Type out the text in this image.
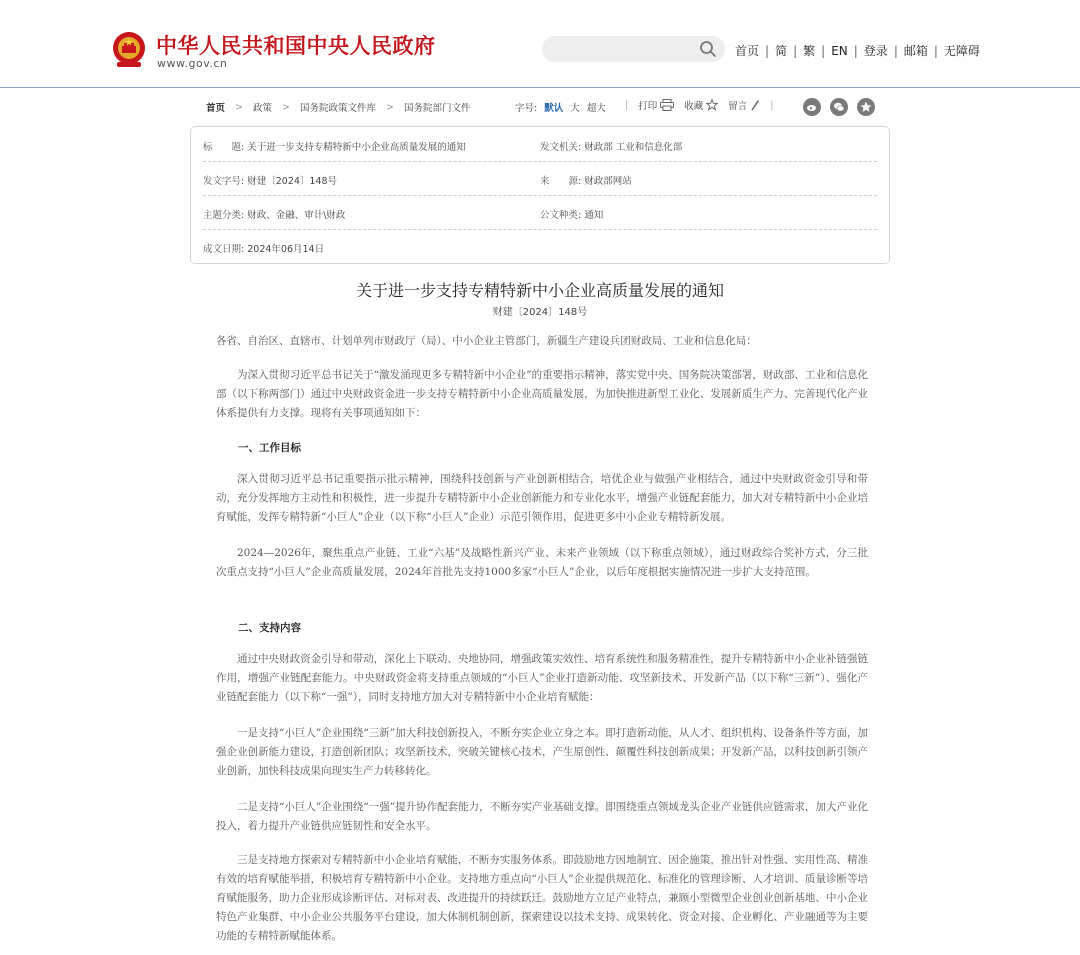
中华人民共和国中央人民政府
www.gov.cn
首页 | 简 | 繁 | EN | 登录 | 邮箱 | 无障碍
首页 > 政策 > 国务院政策文件库 > 国务院部门文件	字号: 默认 大 超大 | 打印	收藏	留言 |
标　　题: 关于进一步支持专精特新中小企业高质量发展的通知	发文机关: 财政部 工业和信息化部
发文字号: 财建〔2024〕148号	来　　源: 财政部网站
主题分类: 财政、金融、审计\财政	公文种类: 通知
成文日期: 2024年06月14日
关于进一步支持专精特新中小企业高质量发展的通知
财建〔2024〕148号

各省、自治区、直辖市、计划单列市财政厅（局）、中小企业主管部门，新疆生产建设兵团财政局、工业和信息化局：

为深入贯彻习近平总书记关于“激发涌现更多专精特新中小企业”的重要指示精神，落实党中央、国务院决策部署，财政部、工业和信息化部（以下称两部门）通过中央财政资金进一步支持专精特新中小企业高质量发展，为加快推进新型工业化、发展新质生产力、完善现代化产业体系提供有力支撑。现将有关事项通知如下：

一、工作目标

深入贯彻习近平总书记重要指示批示精神，围绕科技创新与产业创新相结合，培优企业与做强产业相结合，通过中央财政资金引导和带动，充分发挥地方主动性和积极性，进一步提升专精特新中小企业创新能力和专业化水平，增强产业链配套能力，加大对专精特新中小企业培育赋能，发挥专精特新“小巨人”企业（以下称“小巨人”企业）示范引领作用，促进更多中小企业专精特新发展。

2024—2026年，聚焦重点产业链、工业“六基”及战略性新兴产业、未来产业领域（以下称重点领域），通过财政综合奖补方式，分三批次重点支持“小巨人”企业高质量发展，2024年首批先支持1000多家“小巨人”企业，以后年度根据实施情况进一步扩大支持范围。

二、支持内容

通过中央财政资金引导和带动，深化上下联动、央地协同，增强政策实效性、培育系统性和服务精准性，提升专精特新中小企业补链强链作用，增强产业链配套能力。中央财政资金将支持重点领域的“小巨人”企业打造新动能、攻坚新技术、开发新产品（以下称“三新”）、强化产业链配套能力（以下称“一强”），同时支持地方加大对专精特新中小企业培育赋能：

一是支持“小巨人”企业围绕“三新”加大科技创新投入，不断夯实企业立身之本。即打造新动能，从人才、组织机构、设备条件等方面，加强企业创新能力建设，打造创新团队；攻坚新技术，突破关键核心技术，产生原创性、颠覆性科技创新成果；开发新产品，以科技创新引领产业创新，加快科技成果向现实生产力转移转化。

二是支持“小巨人”企业围绕“一强”提升协作配套能力，不断夯实产业基础支撑。即围绕重点领域龙头企业产业链供应链需求，加大产业化投入，着力提升产业链供应链韧性和安全水平。

三是支持地方探索对专精特新中小企业培育赋能，不断夯实服务体系。即鼓励地方因地制宜、因企施策，推出针对性强、实用性高、精准有效的培育赋能举措，积极培育专精特新中小企业。支持地方重点向“小巨人”企业提供规范化、标准化的管理诊断、人才培训、质量诊断等培育赋能服务，助力企业形成诊断评估、对标对表、改进提升的持续跃迁。鼓励地方立足产业特点，兼顾小型微型企业创业创新基地、中小企业特色产业集群、中小企业公共服务平台建设，加大体制机制创新，探索建设以技术支持、成果转化、资金对接、企业孵化、产业融通等为主要功能的专精特新赋能体系。
